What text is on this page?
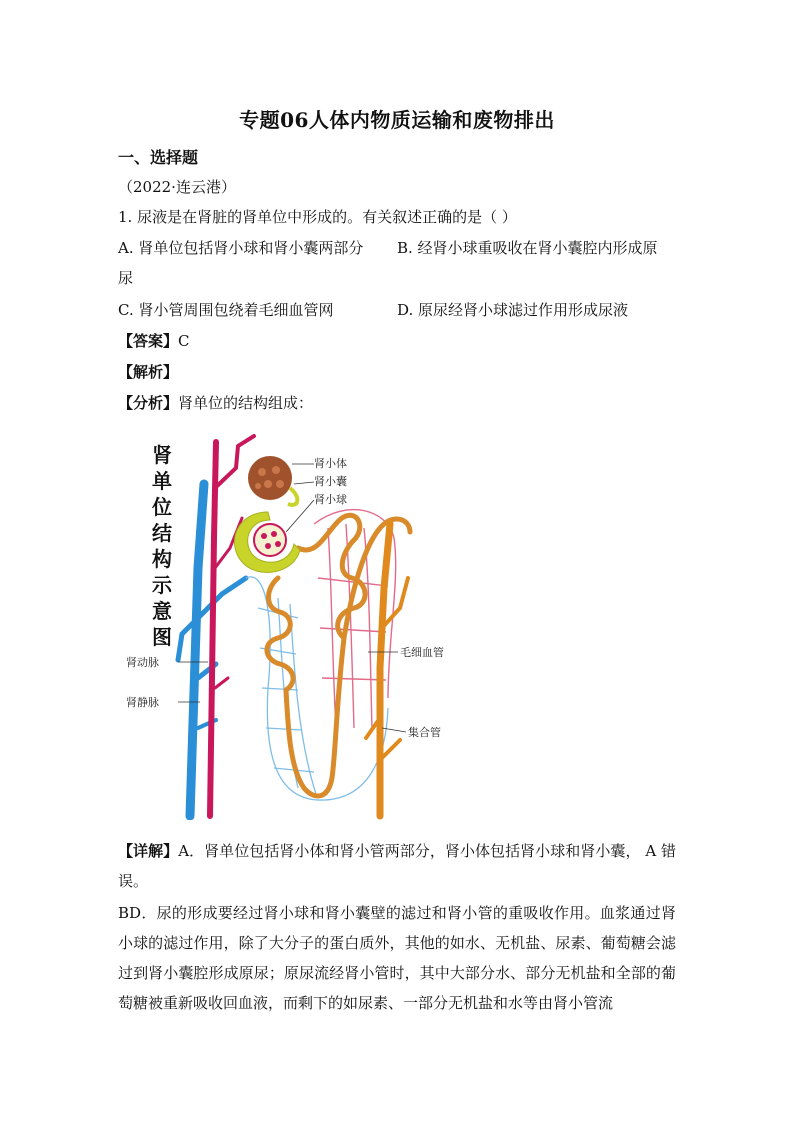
专题06人体内物质运输和废物排出
一、选择题
（2022·连云港）
1. 尿液是在肾脏的肾单位中形成的。有关叙述正确的是（ ）
A. 肾单位包括肾小球和肾小囊两部分 B. 经肾小球重吸收在肾小囊腔内形成原
尿
C. 肾小管周围包绕着毛细血管网	D. 原尿经肾小球滤过作用形成尿液
【答案】C
【解析】
【分析】肾单位的结构组成：
肾
单
位
结
构
示
意
图
肾小体
肾小囊
肾小球
毛细血管
肾动脉
肾静脉
集合管
【详解】A．肾单位包括肾小体和肾小管两部分，肾小体包括肾小球和肾小囊， A 错误。
BD．尿的形成要经过肾小球和肾小囊壁的滤过和肾小管的重吸收作用。血浆通过肾小球的滤过作用，除了大分子的蛋白质外，其他的如水、无机盐、尿素、葡萄糖会滤过到肾小囊腔形成原尿；原尿流经肾小管时，其中大部分水、部分无机盐和全部的葡萄糖被重新吸收回血液，而剩下的如尿素、一部分无机盐和水等由肾小管流
